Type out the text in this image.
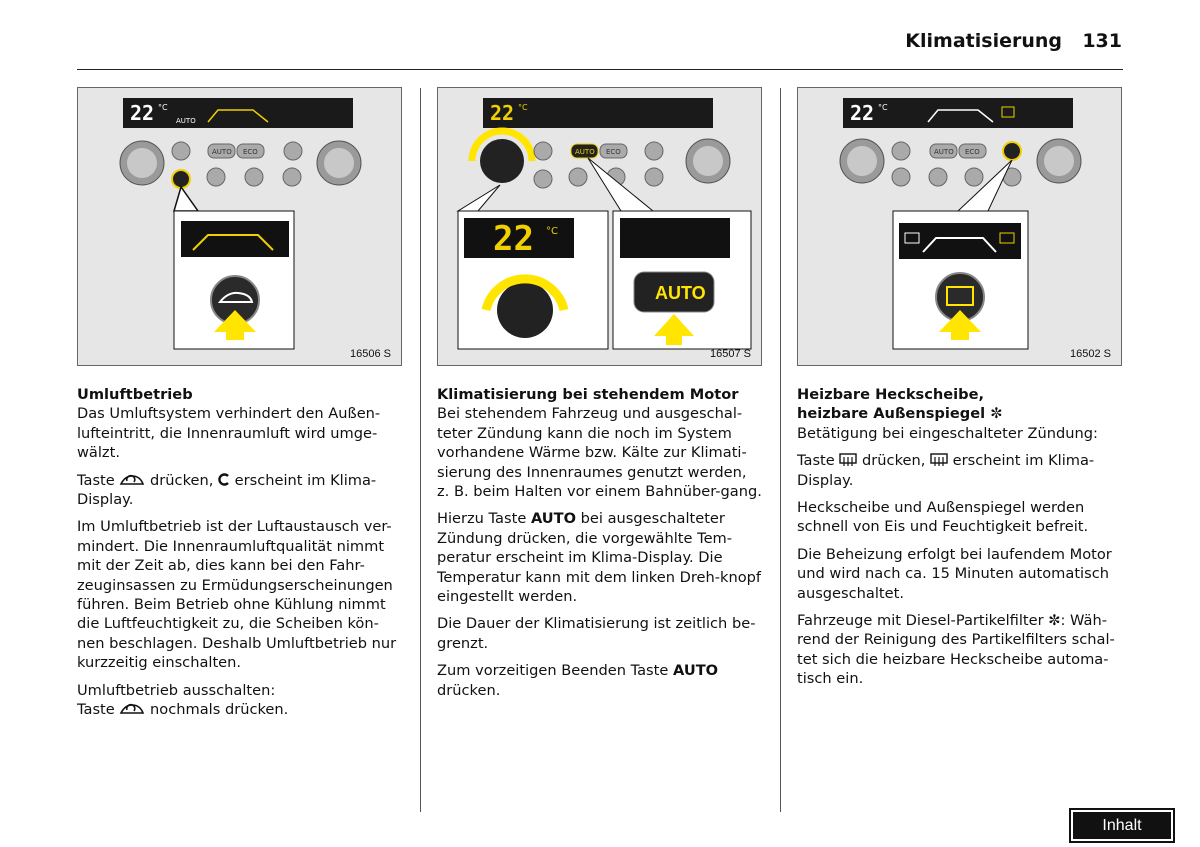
Klimatisierung 131
22 °C
AUTO
AUTO ECO
16506 S
22 °C
AUTO ECO
22 °C
AUTO
16507 S
22 °C
AUTO ECO
16502 S

Umluftbetrieb

Das Umluftsystem verhindert den Außen-lufteintritt, die Innenraumluft wird umge-wälzt.

Taste drücken, erscheint im Klima-Display.

Im Umluftbetrieb ist der Luftaustausch ver-mindert. Die Innenraumluftqualität nimmt mit der Zeit ab, dies kann bei den Fahr-zeuginsassen zu Ermüdungserscheinungen führen. Beim Betrieb ohne Kühlung nimmt die Luftfeuchtigkeit zu, die Scheiben kön-nen beschlagen. Deshalb Umluftbetrieb nur kurzzeitig einschalten.

Umluftbetrieb ausschalten:
Taste nochmals drücken.

Klimatisierung bei stehendem Motor

Bei stehendem Fahrzeug und ausgeschal-teter Zündung kann die noch im System vorhandene Wärme bzw. Kälte zur Klimati-sierung des Innenraumes genutzt werden, z. B. beim Halten vor einem Bahnüber-gang.

Hierzu Taste AUTO bei ausgeschalteter Zündung drücken, die vorgewählte Tem-peratur erscheint im Klima-Display. Die Temperatur kann mit dem linken Dreh-knopf eingestellt werden.

Die Dauer der Klimatisierung ist zeitlich be-grenzt.

Zum vorzeitigen Beenden Taste AUTO
drücken.

Heizbare Heckscheibe,

heizbare Außenspiegel ✼

Betätigung bei eingeschalteter Zündung:

Taste drücken, erscheint im Klima-Display.

Heckscheibe und Außenspiegel werden schnell von Eis und Feuchtigkeit befreit.

Die Beheizung erfolgt bei laufendem Motor und wird nach ca. 15 Minuten automatisch ausgeschaltet.

Fahrzeuge mit Diesel-Partikelfilter ✼: Wäh-rend der Reinigung des Partikelfilters schal-tet sich die heizbare Heckscheibe automa-tisch ein.

Inhalt
